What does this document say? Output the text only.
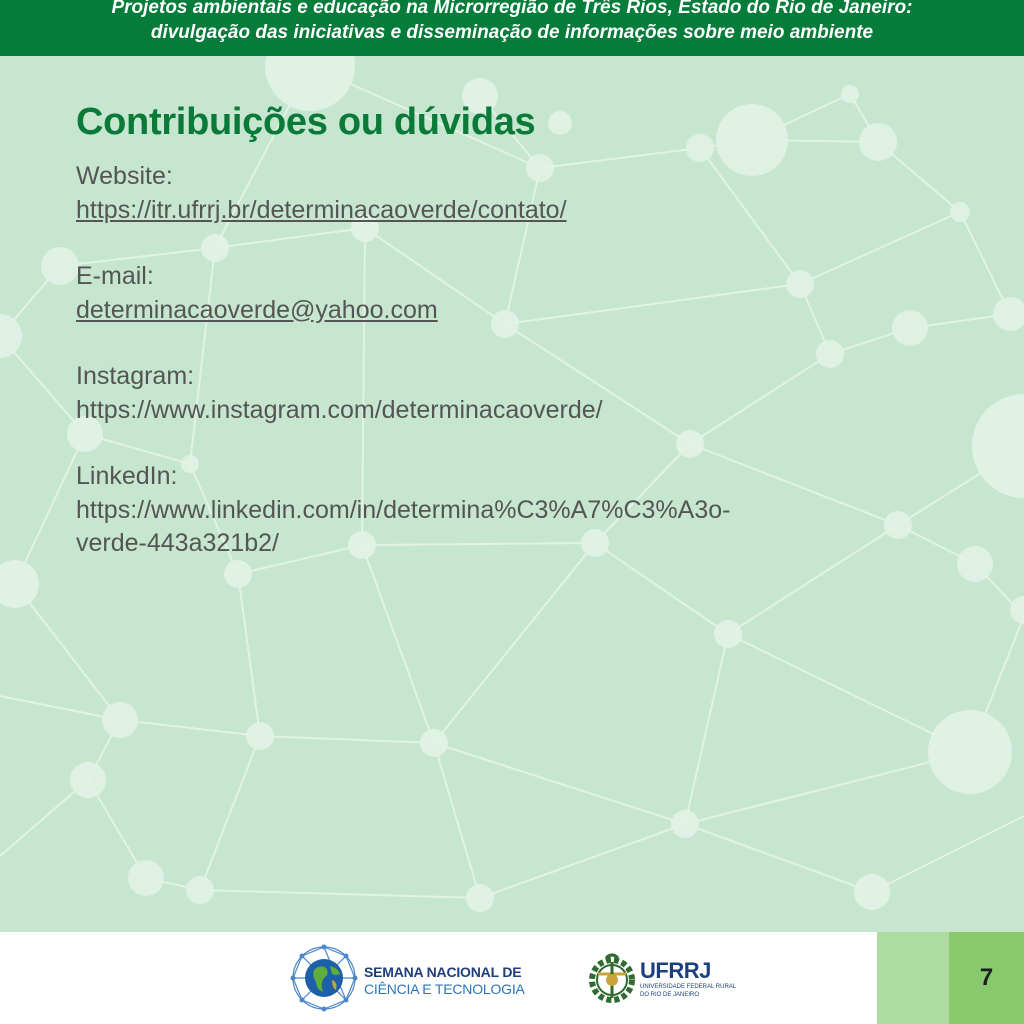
Projetos ambientais e educação na Microrregião de Três Rios, Estado do Rio de Janeiro:
divulgação das iniciativas e disseminação de informações sobre meio ambiente
Contribuições ou dúvidas
Website:
https://itr.ufrrj.br/determinacaoverde/contato/
E-mail:
determinacaoverde@yahoo.com
Instagram:
https://www.instagram.com/determinacaoverde/
LinkedIn:
https://www.linkedin.com/in/determina%C3%A7%C3%A3o-
verde-443a321b2/
SEMANA NACIONAL DE
CIÊNCIA E TECNOLOGIA
UFRRJ
UNIVERSIDADE FEDERAL RURAL
DO RIO DE JANEIRO
7
